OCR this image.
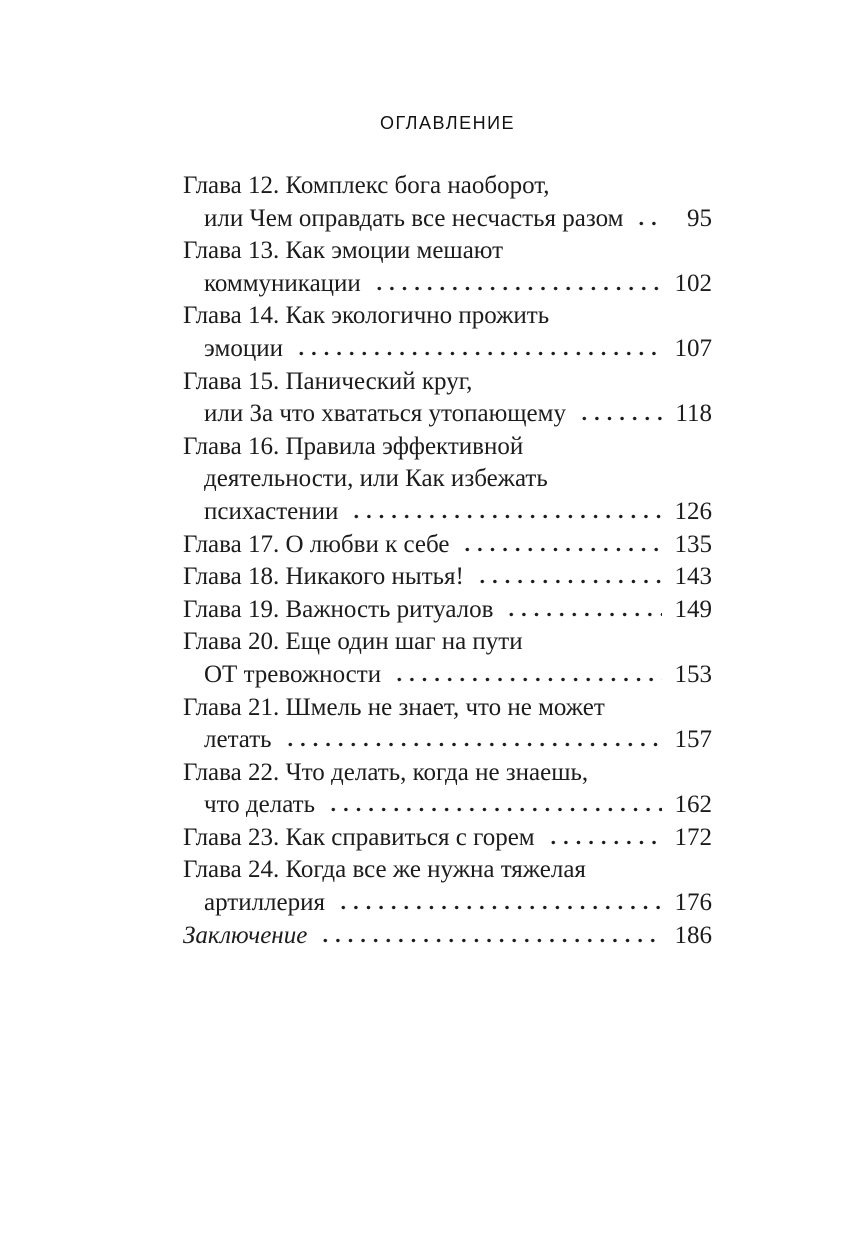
ОГЛАВЛЕНИЕ
Глава 12. Комплекс бога наоборот,
или Чем оправдать все несчастья разом	95
Глава 13. Как эмоции мешают
коммуникации	102
Глава 14. Как экологично прожить
эмоции	107
Глава 15. Панический круг,
или За что хвататься утопающему	118
Глава 16. Правила эффективной
деятельности, или Как избежать
психастении	126
Глава 17. О любви к себе	135
Глава 18. Никакого нытья!	143
Глава 19. Важность ритуалов	149
Глава 20. Еще один шаг на пути
ОТ тревожности	153
Глава 21. Шмель не знает, что не может
летать	157
Глава 22. Что делать, когда не знаешь,
что делать	162
Глава 23. Как справиться с горем	172
Глава 24. Когда все же нужна тяжелая
артиллерия	176
Заключение	186
